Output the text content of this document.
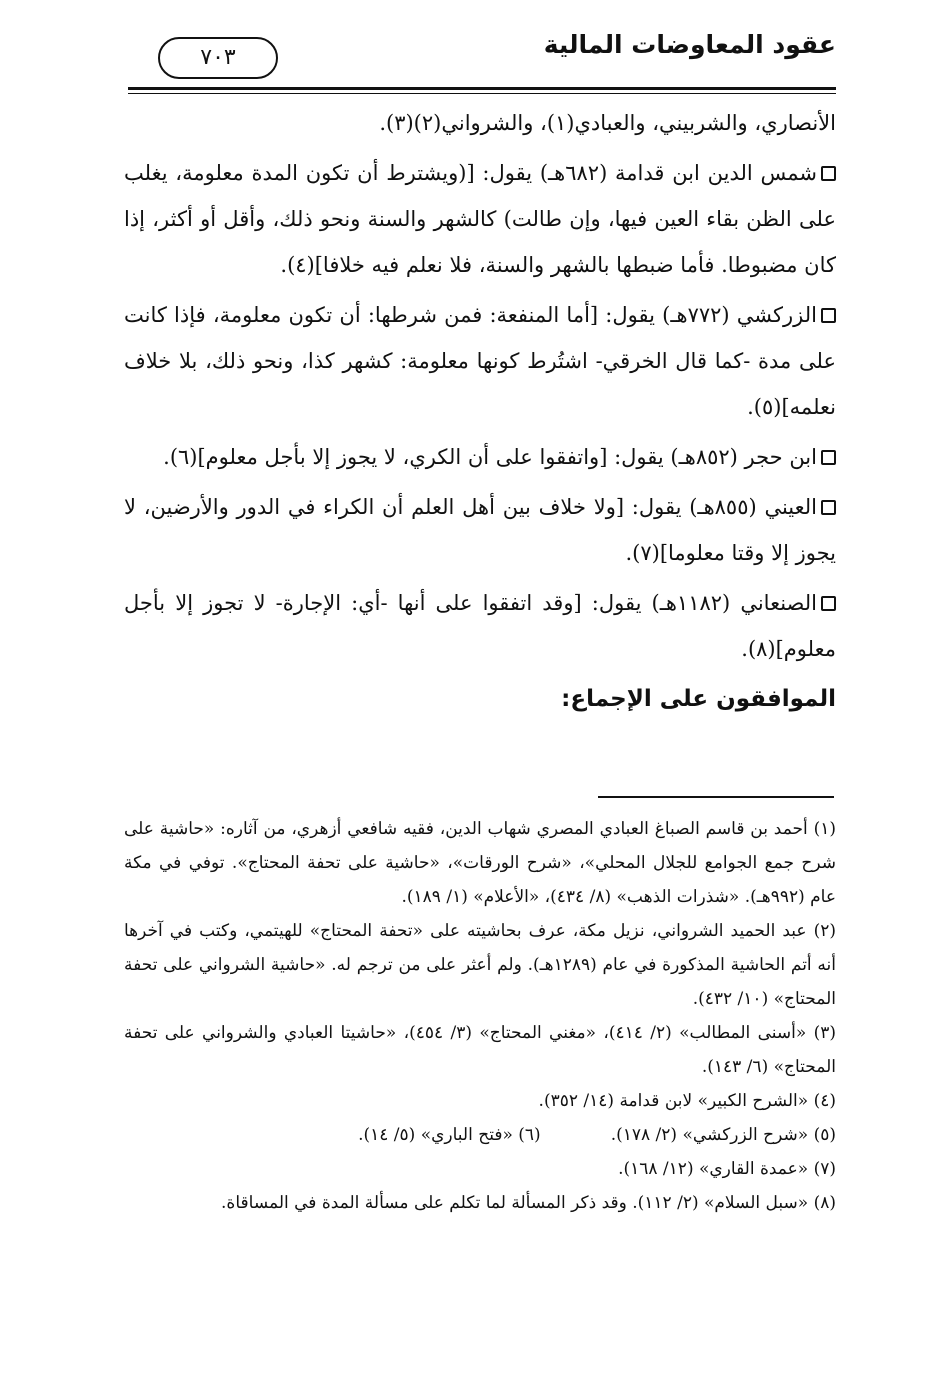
عقود المعاوضات المالية
٧٠٣

الأنصاري، والشربيني، والعبادي(١)، والشرواني(٢)(٣).

شمس الدين ابن قدامة (٦٨٢هـ) يقول: [(ويشترط أن تكون المدة معلومة، يغلب على الظن بقاء العين فيها، وإن طالت) كالشهر والسنة ونحو ذلك، وأقل أو أكثر، إذا كان مضبوطا. فأما ضبطها بالشهر والسنة، فلا نعلم فيه خلافا](٤).

الزركشي (٧٧٢هـ) يقول: [أما المنفعة: فمن شرطها: أن تكون معلومة، فإذا كانت على مدة -كما قال الخرقي- اشتُرط كونها معلومة: كشهر كذا، ونحو ذلك، بلا خلاف نعلمه](٥).

ابن حجر (٨٥٢هـ) يقول: [واتفقوا على أن الكري، لا يجوز إلا بأجل معلوم](٦).

العيني (٨٥٥هـ) يقول: [ولا خلاف بين أهل العلم أن الكراء في الدور والأرضين، لا يجوز إلا وقتا معلوما](٧).

الصنعاني (١١٨٢هـ) يقول: [وقد اتفقوا على أنها -أي: الإجارة- لا تجوز إلا بأجل معلوم](٨).

الموافقون على الإجماع:

(١) أحمد بن قاسم الصباغ العبادي المصري شهاب الدين، فقيه شافعي أزهري، من آثاره: «حاشية على شرح جمع الجوامع للجلال المحلي»، «شرح الورقات»، «حاشية على تحفة المحتاج». توفي في مكة عام (٩٩٢هـ). «شذرات الذهب» (٨/ ٤٣٤)، «الأعلام» (١/ ١٨٩).

(٢) عبد الحميد الشرواني، نزيل مكة، عرف بحاشيته على «تحفة المحتاج» للهيتمي، وكتب في آخرها أنه أتم الحاشية المذكورة في عام (١٢٨٩هـ). ولم أعثر على من ترجم له. «حاشية الشرواني على تحفة المحتاج» (١٠/ ٤٣٢).

(٣) «أسنى المطالب» (٢/ ٤١٤)، «مغني المحتاج» (٣/ ٤٥٤)، «حاشيتا العبادي والشرواني على تحفة المحتاج» (٦/ ١٤٣).

(٤) «الشرح الكبير» لابن قدامة (١٤/ ٣٥٢).

(٥) «شرح الزركشي» (٢/ ١٧٨).
(٦) «فتح الباري» (٥/ ١٤).

(٧) «عمدة القاري» (١٢/ ١٦٨).

(٨) «سبل السلام» (٢/ ١١٢). وقد ذكر المسألة لما تكلم على مسألة المدة في المساقاة.
